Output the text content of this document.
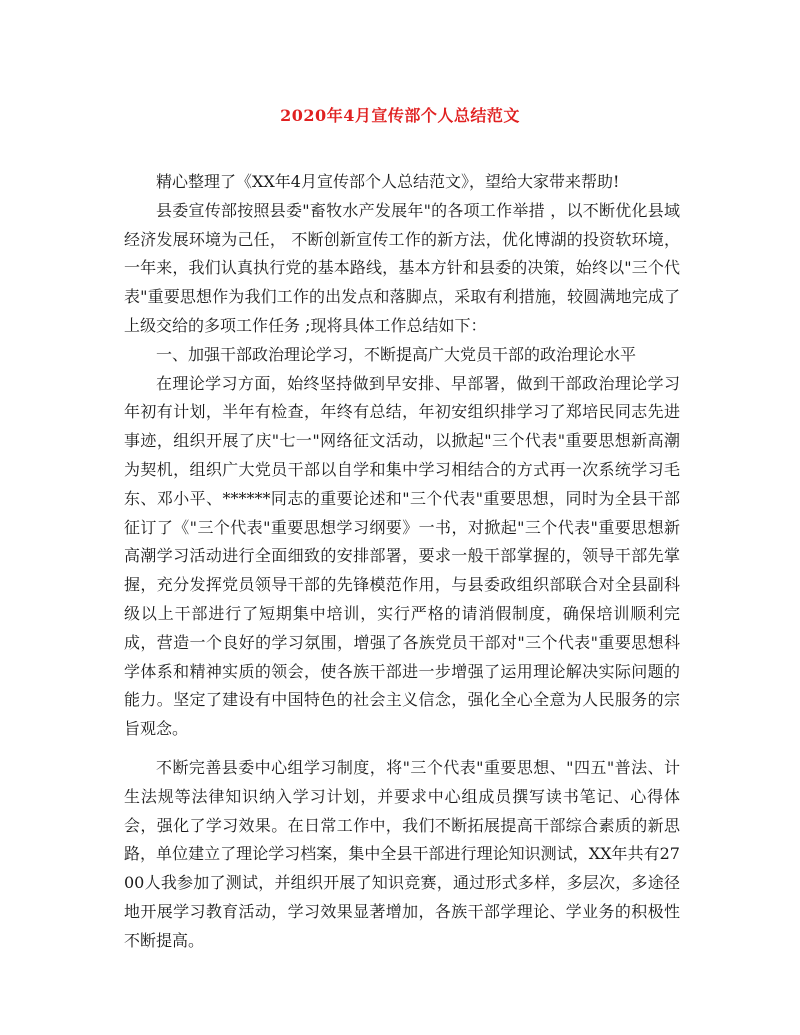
2020年4月宣传部个人总结范文

精心整理了《XX年4月宣传部个人总结范文》，望给大家带来帮助!

县委宣传部按照县委"畜牧水产发展年"的各项工作举措 ，以不断优化县域经济发展环境为己任， 不断创新宣传工作的新方法，优化博湖的投资软环境，一年来，我们认真执行党的基本路线，基本方针和县委的决策，始终以"三个代表"重要思想作为我们工作的出发点和落脚点，采取有利措施，较圆满地完成了上级交给的多项工作任务 ;现将具体工作总结如下：

一、加强干部政治理论学习，不断提高广大党员干部的政治理论水平

在理论学习方面，始终坚持做到早安排、早部署，做到干部政治理论学习年初有计划，半年有检查，年终有总结，年初安组织排学习了郑培民同志先进事迹，组织开展了庆"七一"网络征文活动，以掀起"三个代表"重要思想新高潮为契机，组织广大党员干部以自学和集中学习相结合的方式再一次系统学习毛东、邓小平、******同志的重要论述和"三个代表"重要思想，同时为全县干部征订了《"三个代表"重要思想学习纲要》一书，对掀起"三个代表"重要思想新高潮学习活动进行全面细致的安排部署，要求一般干部掌握的，领导干部先掌握，充分发挥党员领导干部的先锋模范作用，与县委政组织部联合对全县副科级以上干部进行了短期集中培训，实行严格的请消假制度，确保培训顺利完成，营造一个良好的学习氛围，增强了各族党员干部对"三个代表"重要思想科学体系和精神实质的领会，使各族干部进一步增强了运用理论解决实际问题的能力。坚定了建设有中国特色的社会主义信念，强化全心全意为人民服务的宗旨观念。

不断完善县委中心组学习制度，将"三个代表"重要思想、"四五"普法、计生法规等法律知识纳入学习计划，并要求中心组成员撰写读书笔记、心得体会，强化了学习效果。在日常工作中，我们不断拓展提高干部综合素质的新思路，单位建立了理论学习档案，集中全县干部进行理论知识测试，XX年共有2700人我参加了测试，并组织开展了知识竞赛，通过形式多样，多层次，多途径地开展学习教育活动，学习效果显著增加，各族干部学理论、学业务的积极性不断提高。
